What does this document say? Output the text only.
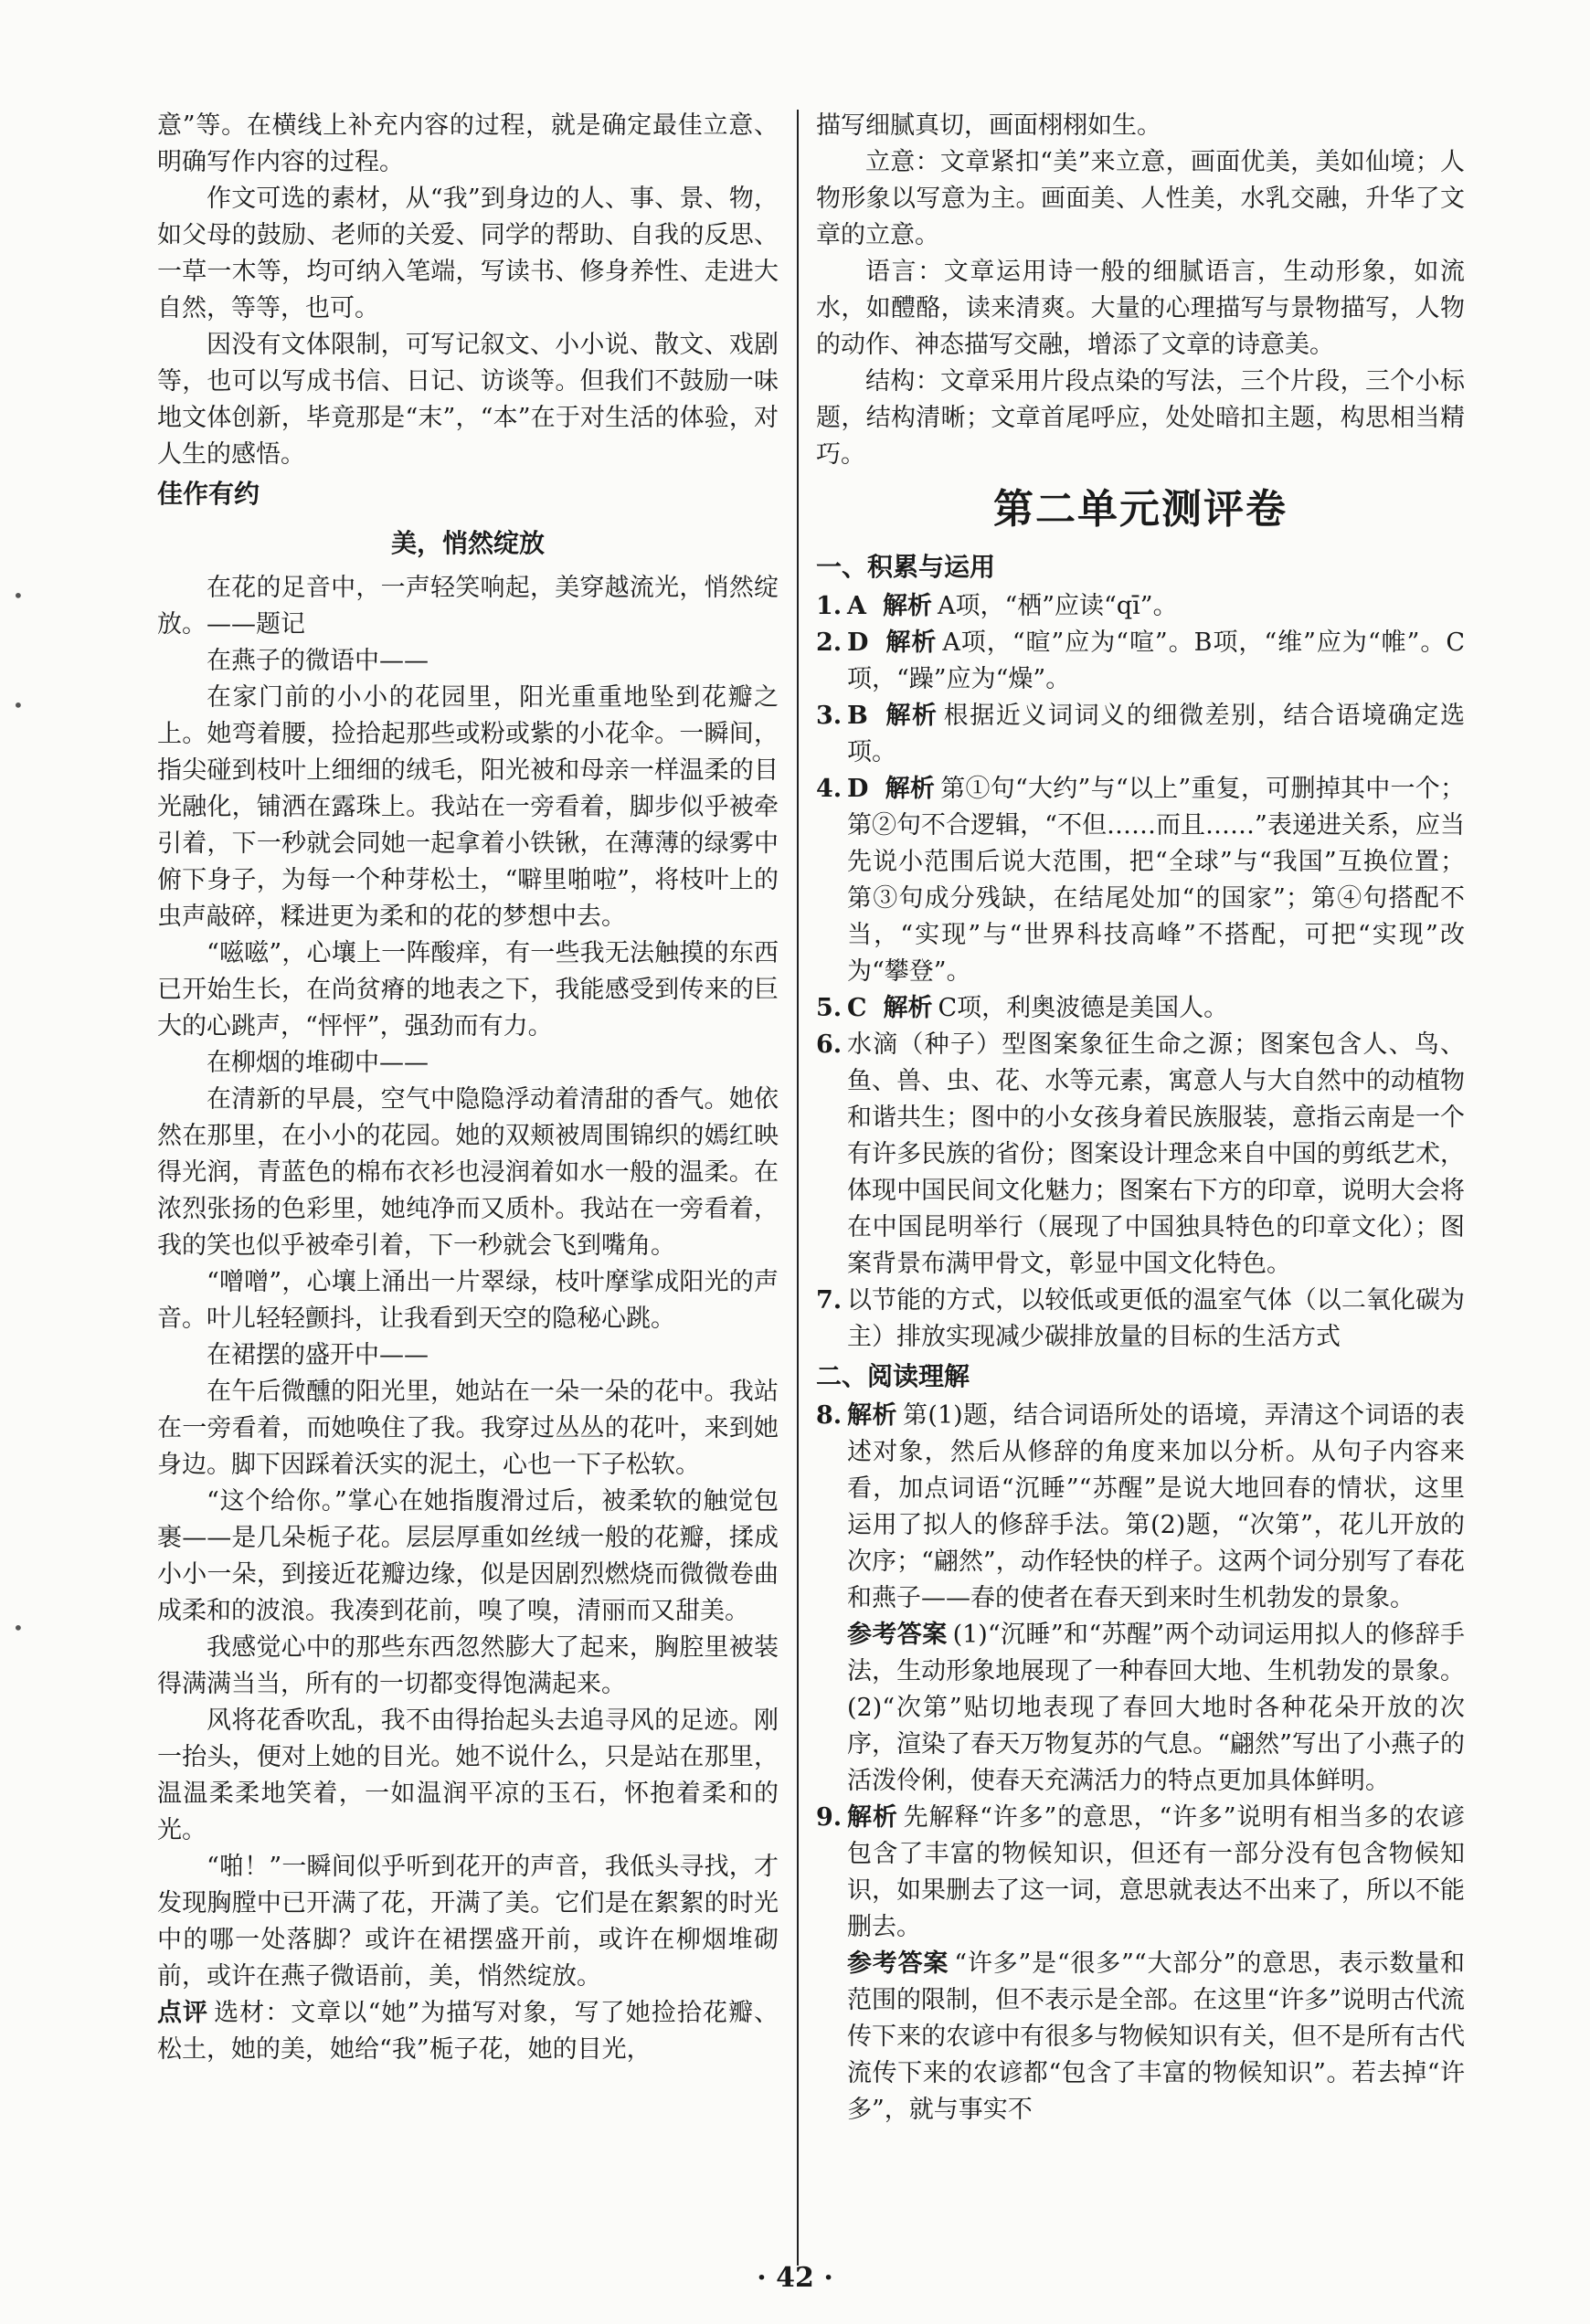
•
•
•

意”等。在横线上补充内容的过程，就是确定最佳立意、明确写作内容的过程。

作文可选的素材，从“我”到身边的人、事、景、物，如父母的鼓励、老师的关爱、同学的帮助、自我的反思、一草一木等，均可纳入笔端，写读书、修身养性、走进大自然，等等，也可。

因没有文体限制，可写记叙文、小小说、散文、戏剧等，也可以写成书信、日记、访谈等。但我们不鼓励一味地文体创新，毕竟那是“末”，“本”在于对生活的体验，对人生的感悟。

佳作有约
美，悄然绽放

在花的足音中，一声轻笑响起，美穿越流光，悄然绽放。——题记

在燕子的微语中——

在家门前的小小的花园里，阳光重重地坠到花瓣之上。她弯着腰，捡拾起那些或粉或紫的小花伞。一瞬间，指尖碰到枝叶上细细的绒毛，阳光被和母亲一样温柔的目光融化，铺洒在露珠上。我站在一旁看着，脚步似乎被牵引着，下一秒就会同她一起拿着小铁锹，在薄薄的绿雾中俯下身子，为每一个种芽松土，“噼里啪啦”，将枝叶上的虫声敲碎，糅进更为柔和的花的梦想中去。

“嗞嗞”，心壤上一阵酸痒，有一些我无法触摸的东西已开始生长，在尚贫瘠的地表之下，我能感受到传来的巨大的心跳声，“怦怦”，强劲而有力。

在柳烟的堆砌中——

在清新的早晨，空气中隐隐浮动着清甜的香气。她依然在那里，在小小的花园。她的双颊被周围锦织的嫣红映得光润，青蓝色的棉布衣衫也浸润着如水一般的温柔。在浓烈张扬的色彩里，她纯净而又质朴。我站在一旁看着，我的笑也似乎被牵引着，下一秒就会飞到嘴角。

“噌噌”，心壤上涌出一片翠绿，枝叶摩挲成阳光的声音。叶儿轻轻颤抖，让我看到天空的隐秘心跳。

在裙摆的盛开中——

在午后微醺的阳光里，她站在一朵一朵的花中。我站在一旁看着，而她唤住了我。我穿过丛丛的花叶，来到她身边。脚下因踩着沃实的泥土，心也一下子松软。

“这个给你。”掌心在她指腹滑过后，被柔软的触觉包裹——是几朵栀子花。层层厚重如丝绒一般的花瓣，揉成小小一朵，到接近花瓣边缘，似是因剧烈燃烧而微微卷曲成柔和的波浪。我凑到花前，嗅了嗅，清丽而又甜美。

我感觉心中的那些东西忽然膨大了起来，胸腔里被装得满满当当，所有的一切都变得饱满起来。

风将花香吹乱，我不由得抬起头去追寻风的足迹。刚一抬头，便对上她的目光。她不说什么，只是站在那里，温温柔柔地笑着，一如温润平凉的玉石，怀抱着柔和的光。

“啪！”一瞬间似乎听到花开的声音，我低头寻找，才发现胸膛中已开满了花，开满了美。它们是在絮絮的时光中的哪一处落脚？或许在裙摆盛开前，或许在柳烟堆砌前，或许在燕子微语前，美，悄然绽放。

点评 选材：文章以“她”为描写对象，写了她捡拾花瓣、松土，她的美，她给“我”栀子花，她的目光，

描写细腻真切，画面栩栩如生。

立意：文章紧扣“美”来立意，画面优美，美如仙境；人物形象以写意为主。画面美、人性美，水乳交融，升华了文章的立意。

语言：文章运用诗一般的细腻语言，生动形象，如流水，如醴酪，读来清爽。大量的心理描写与景物描写，人物的动作、神态描写交融，增添了文章的诗意美。

结构：文章采用片段点染的写法，三个片段，三个小标题，结构清晰；文章首尾呼应，处处暗扣主题，构思相当精巧。

第二单元测评卷
一、积累与运用
1. A 解析 A项，“栖”应读“qī”。
2. D 解析 A项，“暄”应为“喧”。B项，“维”应为“帷”。C项，“躁”应为“燥”。
3. B 解析 根据近义词词义的细微差别，结合语境确定选项。
4. D 解析 第①句“大约”与“以上”重复，可删掉其中一个；第②句不合逻辑，“不但……而且……”表递进关系，应当先说小范围后说大范围，把“全球”与“我国”互换位置；第③句成分残缺，在结尾处加“的国家”；第④句搭配不当，“实现”与“世界科技高峰”不搭配，可把“实现”改为“攀登”。
5. C 解析 C项，利奥波德是美国人。
6. 水滴（种子）型图案象征生命之源；图案包含人、鸟、鱼、兽、虫、花、水等元素，寓意人与大自然中的动植物和谐共生；图中的小女孩身着民族服装，意指云南是一个有许多民族的省份；图案设计理念来自中国的剪纸艺术，体现中国民间文化魅力；图案右下方的印章，说明大会将在中国昆明举行（展现了中国独具特色的印章文化）；图案背景布满甲骨文，彰显中国文化特色。
7. 以节能的方式，以较低或更低的温室气体（以二氧化碳为主）排放实现减少碳排放量的目标的生活方式
二、阅读理解
8. 解析 第(1)题，结合词语所处的语境，弄清这个词语的表述对象，然后从修辞的角度来加以分析。从句子内容来看，加点词语“沉睡”“苏醒”是说大地回春的情状，这里运用了拟人的修辞手法。第(2)题，“次第”，花儿开放的次序；“翩然”，动作轻快的样子。这两个词分别写了春花和燕子——春的使者在春天到来时生机勃发的景象。
参考答案 (1)“沉睡”和“苏醒”两个动词运用拟人的修辞手法，生动形象地展现了一种春回大地、生机勃发的景象。(2)“次第”贴切地表现了春回大地时各种花朵开放的次序，渲染了春天万物复苏的气息。“翩然”写出了小燕子的活泼伶俐，使春天充满活力的特点更加具体鲜明。
9. 解析 先解释“许多”的意思，“许多”说明有相当多的农谚包含了丰富的物候知识，但还有一部分没有包含物候知识，如果删去了这一词，意思就表达不出来了，所以不能删去。
参考答案 “许多”是“很多”“大部分”的意思，表示数量和范围的限制，但不表示是全部。在这里“许多”说明古代流传下来的农谚中有很多与物候知识有关，但不是所有古代流传下来的农谚都“包含了丰富的物候知识”。若去掉“许多”，就与事实不
· 42 ·
